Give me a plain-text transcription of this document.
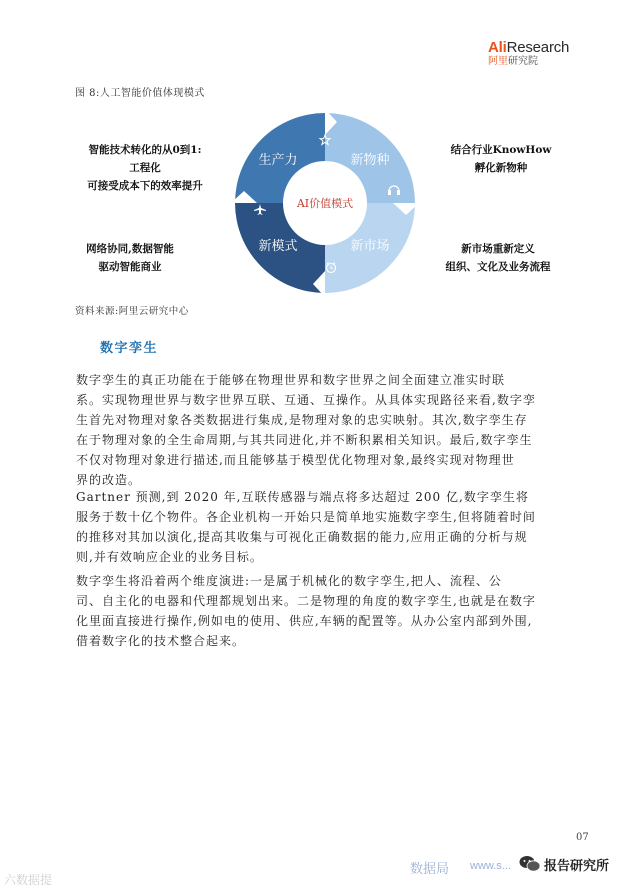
AliResearch
阿里研究院
图 8:人工智能价值体现模式
智能技术转化的从0到1:
工程化
可接受成本下的效率提升
网络协同,数据智能
驱动智能商业
结合行业KnowHow
孵化新物种
新市场重新定义
组织、文化及业务流程
AI价值模式
生产力	新物种
新市场
新模式
资料来源:阿里云研究中心
数字孪生
数字孪生的真正功能在于能够在物理世界和数字世界之间全面建立准实时联
系。实现物理世界与数字世界互联、互通、互操作。从具体实现路径来看,数字孪
生首先对物理对象各类数据进行集成,是物理对象的忠实映射。其次,数字孪生存
在于物理对象的全生命周期,与其共同进化,并不断积累相关知识。最后,数字孪生
不仅对物理对象进行描述,而且能够基于模型优化物理对象,最终实现对物理世
界的改造。
Gartner 预测,到 2020 年,互联传感器与端点将多达超过 200 亿,数字孪生将
服务于数十亿个物件。各企业机构一开始只是简单地实施数字孪生,但将随着时间
的推移对其加以演化,提高其收集与可视化正确数据的能力,应用正确的分析与规
则,并有效响应企业的业务目标。
数字孪生将沿着两个维度演进:一是属于机械化的数字孪生,把人、流程、公
司、自主化的电器和代理都规划出来。二是物理的角度的数字孪生,也就是在数字
化里面直接进行操作,例如电的使用、供应,车辆的配置等。从办公室内部到外围,
借着数字化的技术整合起来。
07
六数据提
数据局 www.s...	报告研究所
